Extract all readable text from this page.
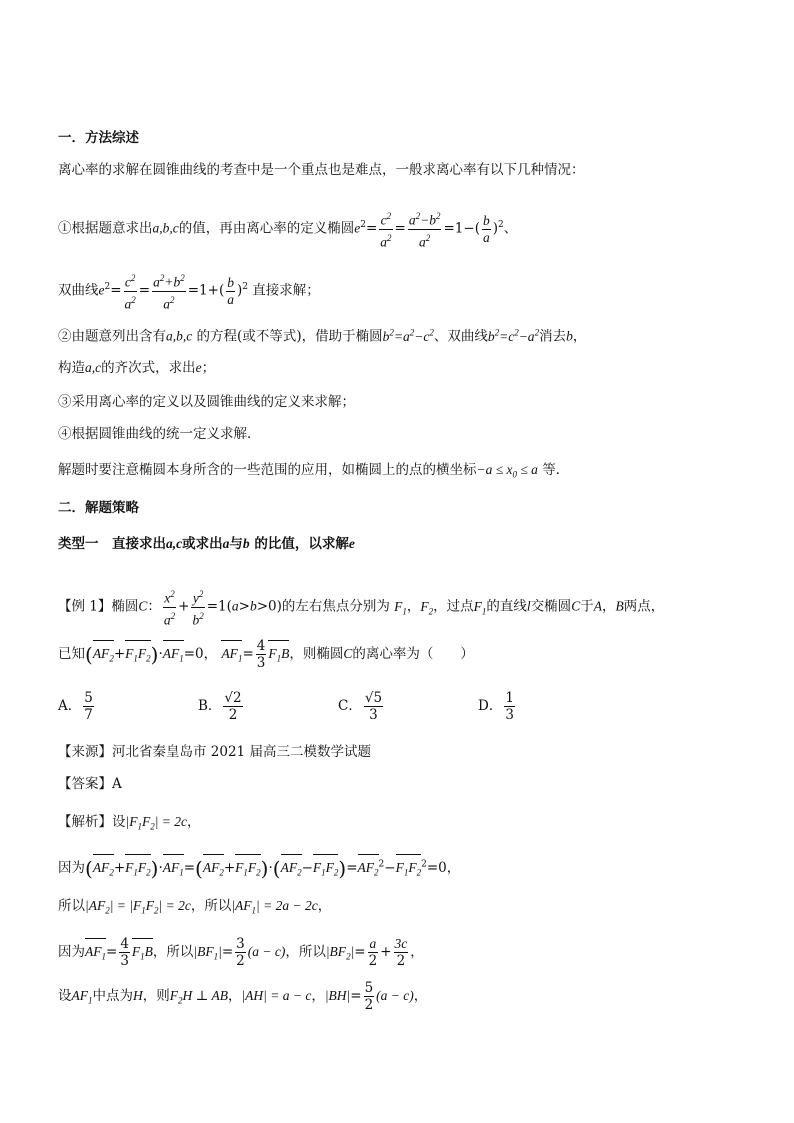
一．方法综述
离心率的求解在圆锥曲线的考查中是一个重点也是难点，一般求离心率有以下几种情况：
①根据题意求出a,b,c的值，再由离心率的定义椭圆$e^2= \frac{c^2}{a^2} = \frac{a^2-b^2}{a^2} =1-( \frac{b}{a} )^2$、
双曲线$e^2= \frac{c^2}{a^2} = \frac{a^2+b^2}{a^2} =1+( \frac{b}{a} )^2$ 直接求解；
②由题意列出含有a,b,c 的方程(或不等式)，借助于椭圆$b^2=a^2-c^2$、双曲线$b^2=c^2-a^2$消去b，
构造a,c的齐次式，求出e；
③采用离心率的定义以及圆锥曲线的定义来求解；
④根据圆锥曲线的统一定义求解．
解题时要注意椭圆本身所含的一些范围的应用，如椭圆上的点的横坐标$-a \le x_0 \le a$ 等．
二．解题策略
类型一　直接求出a,c或求出a与b 的比值，以求解e
【例 1】椭圆C： $\frac{x^2}{a^2} + \frac{y^2}{b^2} =1(a>b>0)$的左右焦点分别为 $F_1$，$F_2$，过点$F_1$的直线l交椭圆C于A，B两点，
已知$(AF_2+F_1F_2)\cdot AF_1=0$， $AF_1= \frac{4}{3} F_1B$，则椭圆C的离心率为（　　）
A． $\frac{5}{7}$	B． $\frac{√2}{2}$	C． $\frac{√5}{3}$	D． $\frac{1}{3}$
【来源】河北省秦皇岛市 2021 届高三二模数学试题
【答案】A
【解析】设$|F_1F_2| = 2c$，
因为$(AF_2+F_1F_2)\cdot AF_1=(AF_2+F_1F_2)\cdot(AF_2-F_1F_2)=AF_2^2-F_1F_2^2=0$，
所以$|AF_2| = |F_1F_2| = 2c$，所以$|AF_1| = 2a - 2c$，
因为$AF_1= \frac{4}{3} F_1B$，所以$|BF_1|= \frac{3}{2} (a - c)$，所以$|BF_2|= \frac{a}{2} + \frac{3c}{2}$ ，
设$AF_1$中点为H，则$F_2H$ ⊥ AB，|AH| = a − c，$|BH|= \frac{5}{2} (a - c)$，
